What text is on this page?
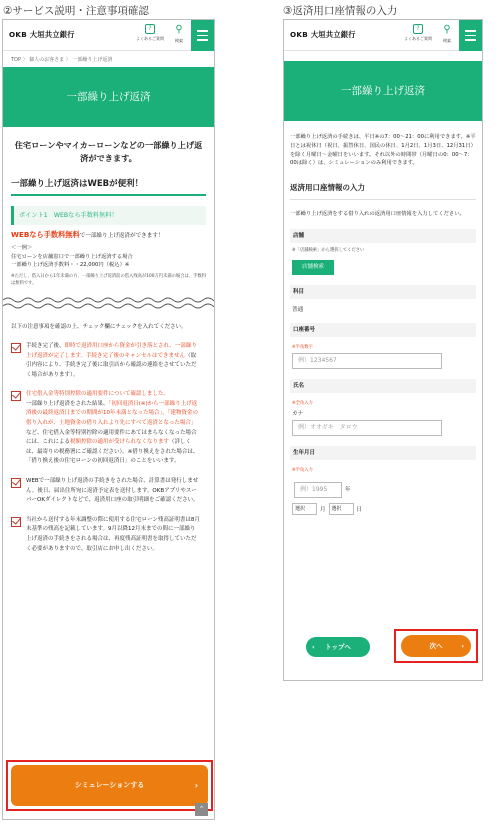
②サービス説明・注意事項確認	③返済用口座情報の入力
OKB 大垣共立銀行
?
よくあるご質問
⚲
検索
TOP 〉 個人のお客さま 〉 一部繰り上げ返済
一部繰り上げ返済
住宅ローンやマイカーローンなどの一部繰り上げ返済ができます。
一部繰り上げ返済はWEBが便利！
ポイント1　WEBなら手数料無料！
WEBなら手数料無料で一部繰り上げ返済ができます！
＜一例＞
住宅ローンを店舗窓口で一部繰り上げ返済する場合
一部繰り上げ返済手数料・・22,000円（税込）※
※ただし、借入日から1年未満の方、一部繰り上げ返済前の借入残高が100万円未満の場合は、手数料は無料です。
以下の注意事項を確認の上、チェック欄にチェックを入れてください。
手続き完了後、即時で返済用口座から資金が引き落とされ、一部繰り上げ返済が完了します。手続き完了後のキャンセルはできません（取引内容により、手続き完了後に取引店から確認の連絡をさせていただく場合があります）。
住宅借入金等特別控除の適用要件について確認しました。
一部繰り上げ返済をされた結果、「初回返済日(※)から一部繰り上げ返済後の最終返済日までの期間が10年未満となった場合」、「建物資金の借り入れが、土地資金の借り入れより先にすべて返済となった場合」など、住宅借入金等特別控除の適用要件にあてはまらなくなった場合には、これによる税額控除の適用が受けられなくなります（詳しくは、最寄りの税務署にご確認ください）。※借り換えをされた場合は、「借り換え後の住宅ローンの初回返済日」のことをいいます。
WEBで一部繰り上げ返済の手続きをされた場合、計算書は発行しません。後日、届出住所宛に返済予定表を送付します。OKBアプリやスーパーOKダイレクトなどで、返済用口座の取引明細をご確認ください。
当社から送付する年末調整の際に使用する住宅ローン残高証明書は8月末基準の残高を記載しています。9月以降12月末までの間に一部繰り上げ返済の手続きをされる場合は、再度残高証明書を取得していただく必要がありますので、取引店にお申し出ください。
シミュレーションする	›
⌃
OKB 大垣共立銀行
?
よくあるご質問
⚲
検索
一部繰り上げ返済
一部繰り上げ返済の手続きは、平日※の7：00〜21：00に利用できます。※平日とは祝休日（祝日、振替休日、国民の休日、1月2日、1月3日、12月31日）を除く月曜日〜金曜日をいいます。それ以外の時間帯（月曜日の0：00〜7：00は除く）は、シミュレーションのみ利用できます。
返済用口座情報の入力
一部繰り上げ返済をする借り入れの返済用口座情報を入力してください。
店舗
※「店舗検索」から選択してください
店舗検索
科目
普通
口座番号
※半角数字
例）1234567
氏名
※全角入力
カナ
例）オオガキ　タロウ
生年月日
※半角入力
例）1995	年
選択	月	選択	日
‹ トップへ	次へ	›
